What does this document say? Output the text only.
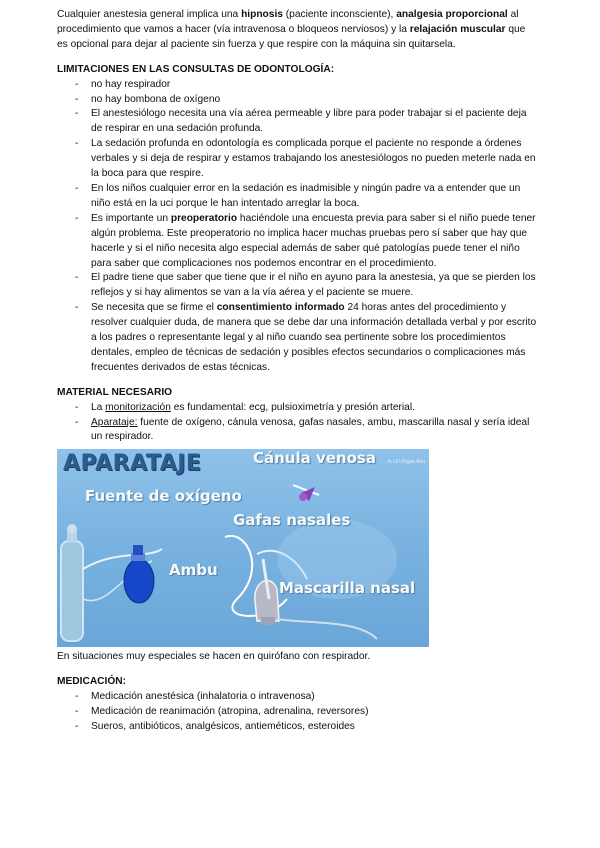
Cualquier anestesia general implica una hipnosis (paciente inconsciente), analgesia proporcional al procedimiento que vamos a hacer (vía intravenosa o bloqueos nerviosos) y la relajación muscular que es opcional para dejar al paciente sin fuerza y que respire con la máquina sin quitarsela.

LIMITACIONES EN LAS CONSULTAS DE ODONTOLOGÍA:

- no hay respirador
- no hay bombona de oxígeno
- El anestesiólogo necesita una vía aérea permeable y libre para poder trabajar si el paciente deja de respirar en una sedación profunda.
- La sedación profunda en odontología es complicada porque el paciente no responde a órdenes verbales y si deja de respirar y estamos trabajando los anestesiólogos no pueden meterle nada en la boca para que respire.
- En los niños cualquier error en la sedación es inadmisible y ningún padre va a entender que un niño está en la uci porque le han intentado arreglar la boca.
- Es importante un preoperatorio haciéndole una encuesta previa para saber si el niño puede tener algún problema. Este preoperatorio no implica hacer muchas pruebas pero sí saber que hay que hacerle y si el niño necesita algo especial además de saber qué patologías puede tener el niño para saber que complicaciones nos podemos encontrar en el procedimiento.
- El padre tiene que saber que tiene que ir el niño en ayuno para la anestesia, ya que se pierden los reflejos y si hay alimentos se van a la vía aérea y el paciente se muere.
- Se necesita que se firme el consentimiento informado 24 horas antes del procedimiento y resolver cualquier duda, de manera que se debe dar una información detallada verbal y por escrito a los padres o representante legal y al niño cuando sea pertinente sobre los procedimientos dentales, empleo de técnicas de sedación y posibles efectos secundarios o complicaciones más frecuentes derivados de estas técnicas.

MATERIAL NECESARIO

- La monitorización es fundamental: ecg, pulsioximetría y presión arterial.
- Aparataje: fuente de oxígeno, cánula venosa, gafas nasales, ambu, mascarilla nasal y sería ideal un respirador.
APARATAJE	fs Ul Uhigan Ann
Fuente de oxígeno
Cánula venosa
Gafas nasales
Ambu
Mascarilla nasal

En situaciones muy especiales se hacen en quirófano con respirador.

MEDICACIÓN:

- Medicación anestésica (inhalatoria o intravenosa)
- Medicación de reanimación (atropina, adrenalina, reversores)
- Sueros, antibióticos, analgésicos, antieméticos, esteroides
